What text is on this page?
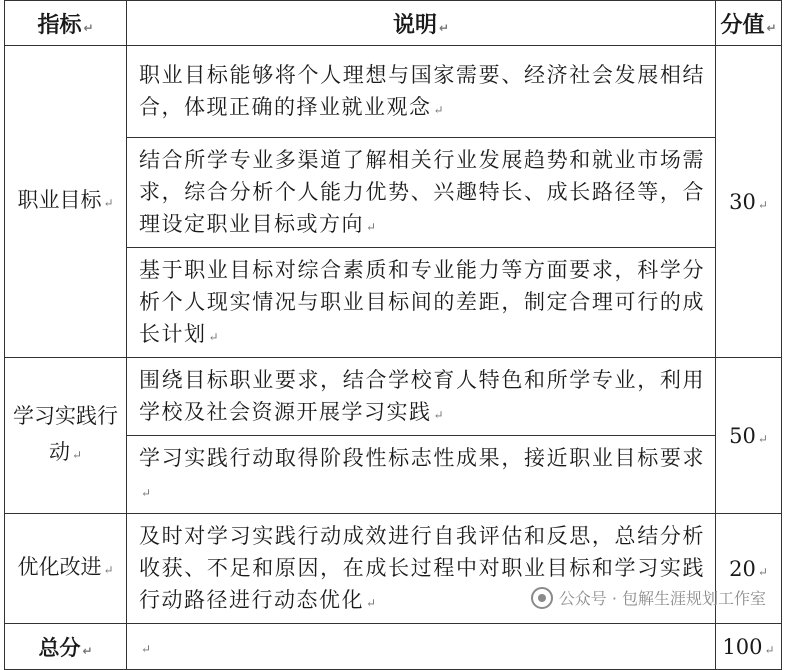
指标 ↵	说明 ↵	分值 ↵
职业目标 ↵	职业目标能够将个人理想与国家需要、经济社会发展相结合，体现正确的择业就业观念 ↵	30 ↵
	结合所学专业多渠道了解相关行业发展趋势和就业市场需求，综合分析个人能力优势、兴趣特长、成长路径等，合理设定职业目标或方向 ↵	
	基于职业目标对综合素质和专业能力等方面要求，科学分析个人现实情况与职业目标间的差距，制定合理可行的成长计划 ↵	
学习实践行动 ↵	围绕目标职业要求，结合学校育人特色和所学专业，利用学校及社会资源开展学习实践 ↵	50 ↵
	学习实践行动取得阶段性标志性成果，接近职业目标要求↵	
优化改进 ↵	及时对学习实践行动成效进行自我评估和反思，总结分析收获、不足和原因，在成长过程中对职业目标和学习实践行动路径进行动态优化 ↵	20 ↵
总分 ↵	↵	100 ↵
公众号 · 包解生涯规划工作室
